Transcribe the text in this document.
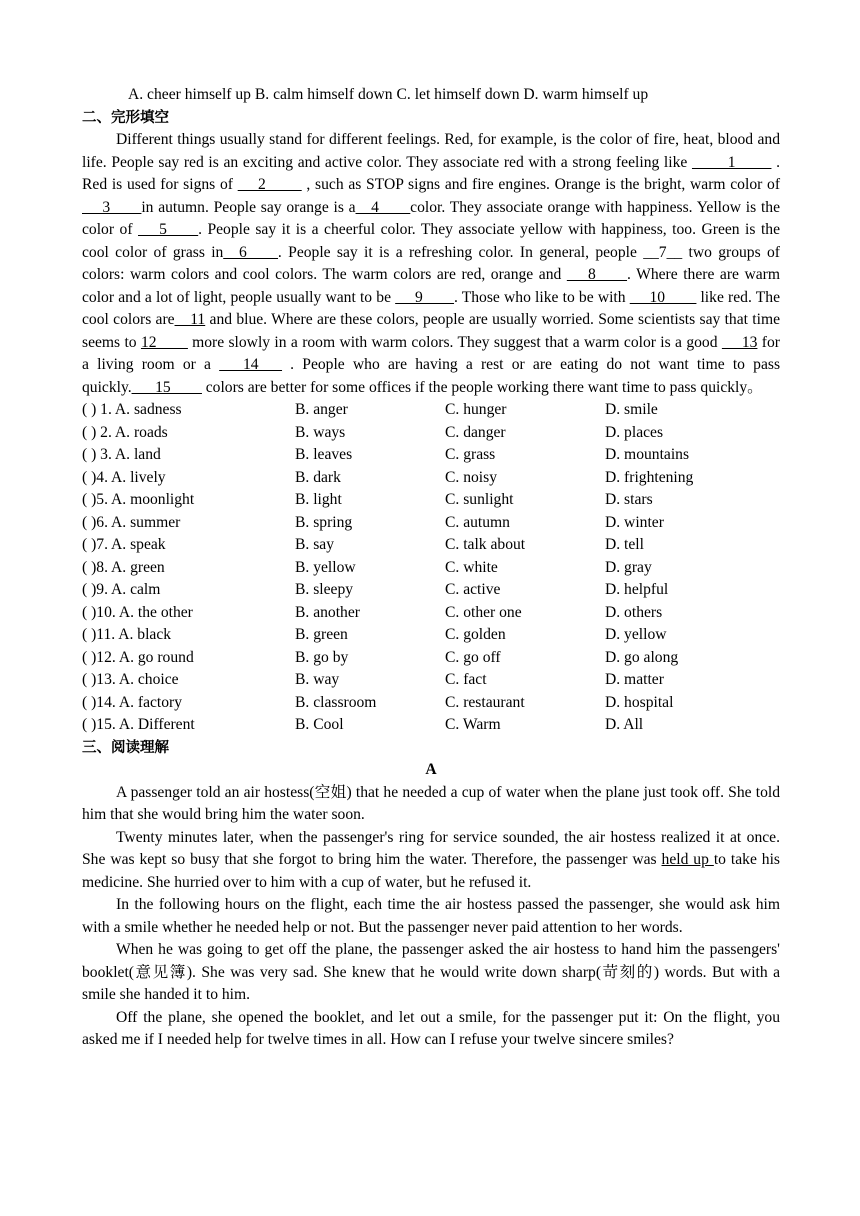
A. cheer himself up B. calm himself down C. let himself down D. warm himself up
二、完形填空

Different things usually stand for different feelings. Red, for example, is the color of fire, heat, blood and life. People say red is an exciting and active color. They associate red with a strong feeling like  ____1____  . Red is used for signs of  __2____  , such as STOP signs and fire engines. Orange is the bright, warm color of  __3____in autumn. People say orange is a__4____color. They associate orange with happiness. Yellow is the color of  __5____. People say it is a cheerful color. They associate yellow with happiness, too. Green is the cool color of grass in__6____. People say it is a refreshing color. In general, people __7__ two groups of colors: warm colors and cool colors. The warm colors are red, orange and  __8____. Where there are warm color and a lot of light, people usually want to be  __9____. Those who like to be with  __10____ like red. The cool colors are__11 and blue. Where are these colors, people are usually worried. Some scientists say that time seems to 12____ more slowly in a room with warm colors. They suggest that a warm color is a good  __13 for a living room or a  __14___ . People who are having a rest or are eating do not want time to pass quickly.___15____ colors are better for some offices if the people working there want time to pass quickly。

( ) 1. A. sadness	B. anger	C. hunger	D. smile
( ) 2. A. roads	B. ways	C. danger	D. places
( ) 3. A. land	B. leaves	C. grass	D. mountains
( )4. A. lively	B. dark	C. noisy	D. frightening
( )5. A. moonlight	B. light	C. sunlight	D. stars
( )6. A. summer	B. spring	C. autumn	D. winter
( )7. A. speak	B. say	C. talk about	D. tell
( )8. A. green	B. yellow	C. white	D. gray
( )9. A. calm	B. sleepy	C. active	D. helpful
( )10. A. the other	B. another	C. other one	D. others
( )11. A. black	B. green	C. golden	D. yellow
( )12. A. go round	B. go by	C. go off	D. go along
( )13. A. choice	B. way	C. fact	D. matter
( )14. A. factory	B. classroom	C. restaurant	D. hospital
( )15. A. Different	B. Cool	C. Warm	D. All
三、阅读理解
A

A passenger told an air hostess(空姐) that he needed a cup of water when the plane just took off. She told him that she would bring him the water soon.

Twenty minutes later, when the passenger's ring for service sounded, the air hostess realized it at once. She was kept so busy that she forgot to bring him the water. Therefore, the passenger was held up to take his medicine. She hurried over to him with a cup of water, but he refused it.

In the following hours on the flight, each time the air hostess passed the passenger, she would ask him with a smile whether he needed help or not. But the passenger never paid attention to her words.

When he was going to get off the plane, the passenger asked the air hostess to hand him the passengers' booklet(意见簿). She was very sad. She knew that he would write down sharp(苛刻的) words. But with a smile she handed it to him.

Off the plane, she opened the booklet, and let out a smile, for the passenger put it: On the flight, you asked me if I needed help for twelve times in all. How can I refuse your twelve sincere smiles?
